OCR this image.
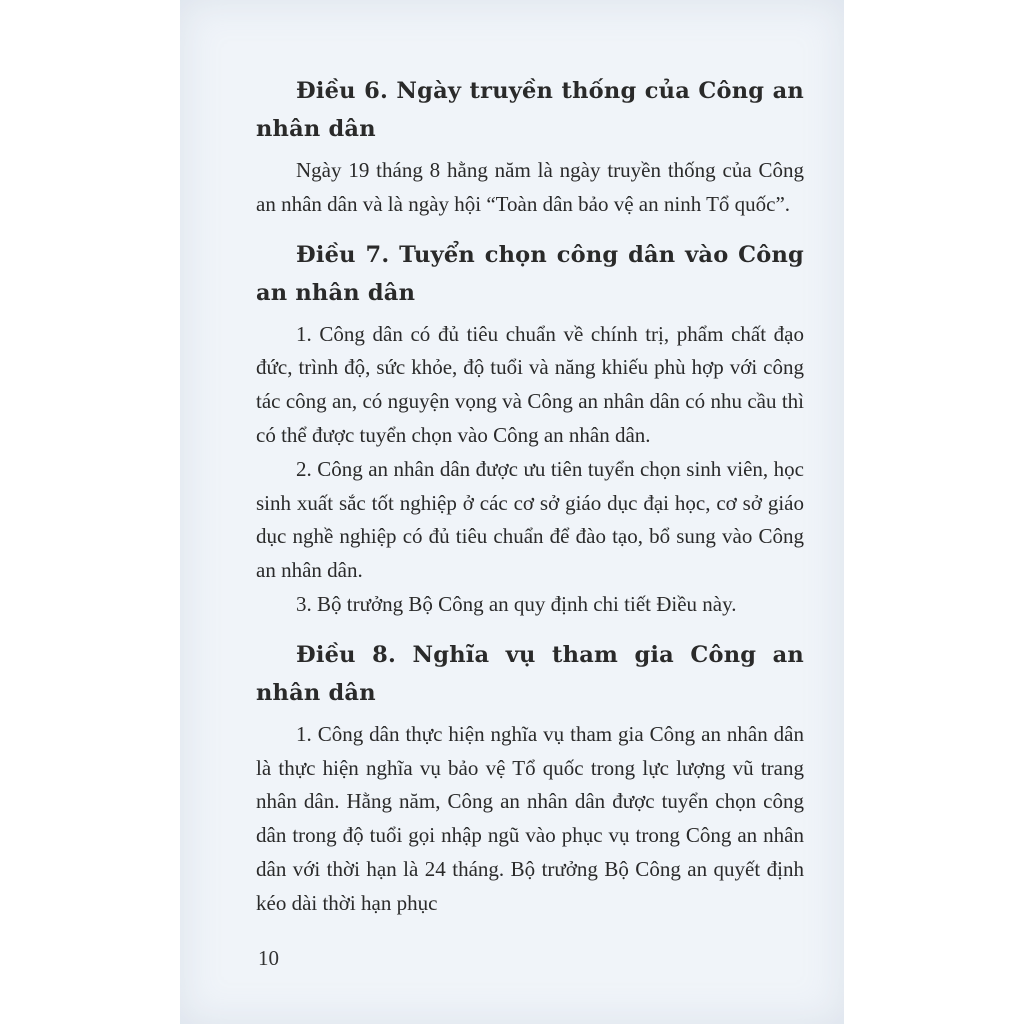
Điều 6. Ngày truyền thống của Công an nhân dân

Ngày 19 tháng 8 hằng năm là ngày truyền thống của Công an nhân dân và là ngày hội “Toàn dân bảo vệ an ninh Tổ quốc”.

Điều 7. Tuyển chọn công dân vào Công an nhân dân

1. Công dân có đủ tiêu chuẩn về chính trị, phẩm chất đạo đức, trình độ, sức khỏe, độ tuổi và năng khiếu phù hợp với công tác công an, có nguyện vọng và Công an nhân dân có nhu cầu thì có thể được tuyển chọn vào Công an nhân dân.

2. Công an nhân dân được ưu tiên tuyển chọn sinh viên, học sinh xuất sắc tốt nghiệp ở các cơ sở giáo dục đại học, cơ sở giáo dục nghề nghiệp có đủ tiêu chuẩn để đào tạo, bổ sung vào Công an nhân dân.

3. Bộ trưởng Bộ Công an quy định chi tiết Điều này.

Điều 8. Nghĩa vụ tham gia Công an nhân dân

1. Công dân thực hiện nghĩa vụ tham gia Công an nhân dân là thực hiện nghĩa vụ bảo vệ Tổ quốc trong lực lượng vũ trang nhân dân. Hằng năm, Công an nhân dân được tuyển chọn công dân trong độ tuổi gọi nhập ngũ vào phục vụ trong Công an nhân dân với thời hạn là 24 tháng. Bộ trưởng Bộ Công an quyết định kéo dài thời hạn phục

10
